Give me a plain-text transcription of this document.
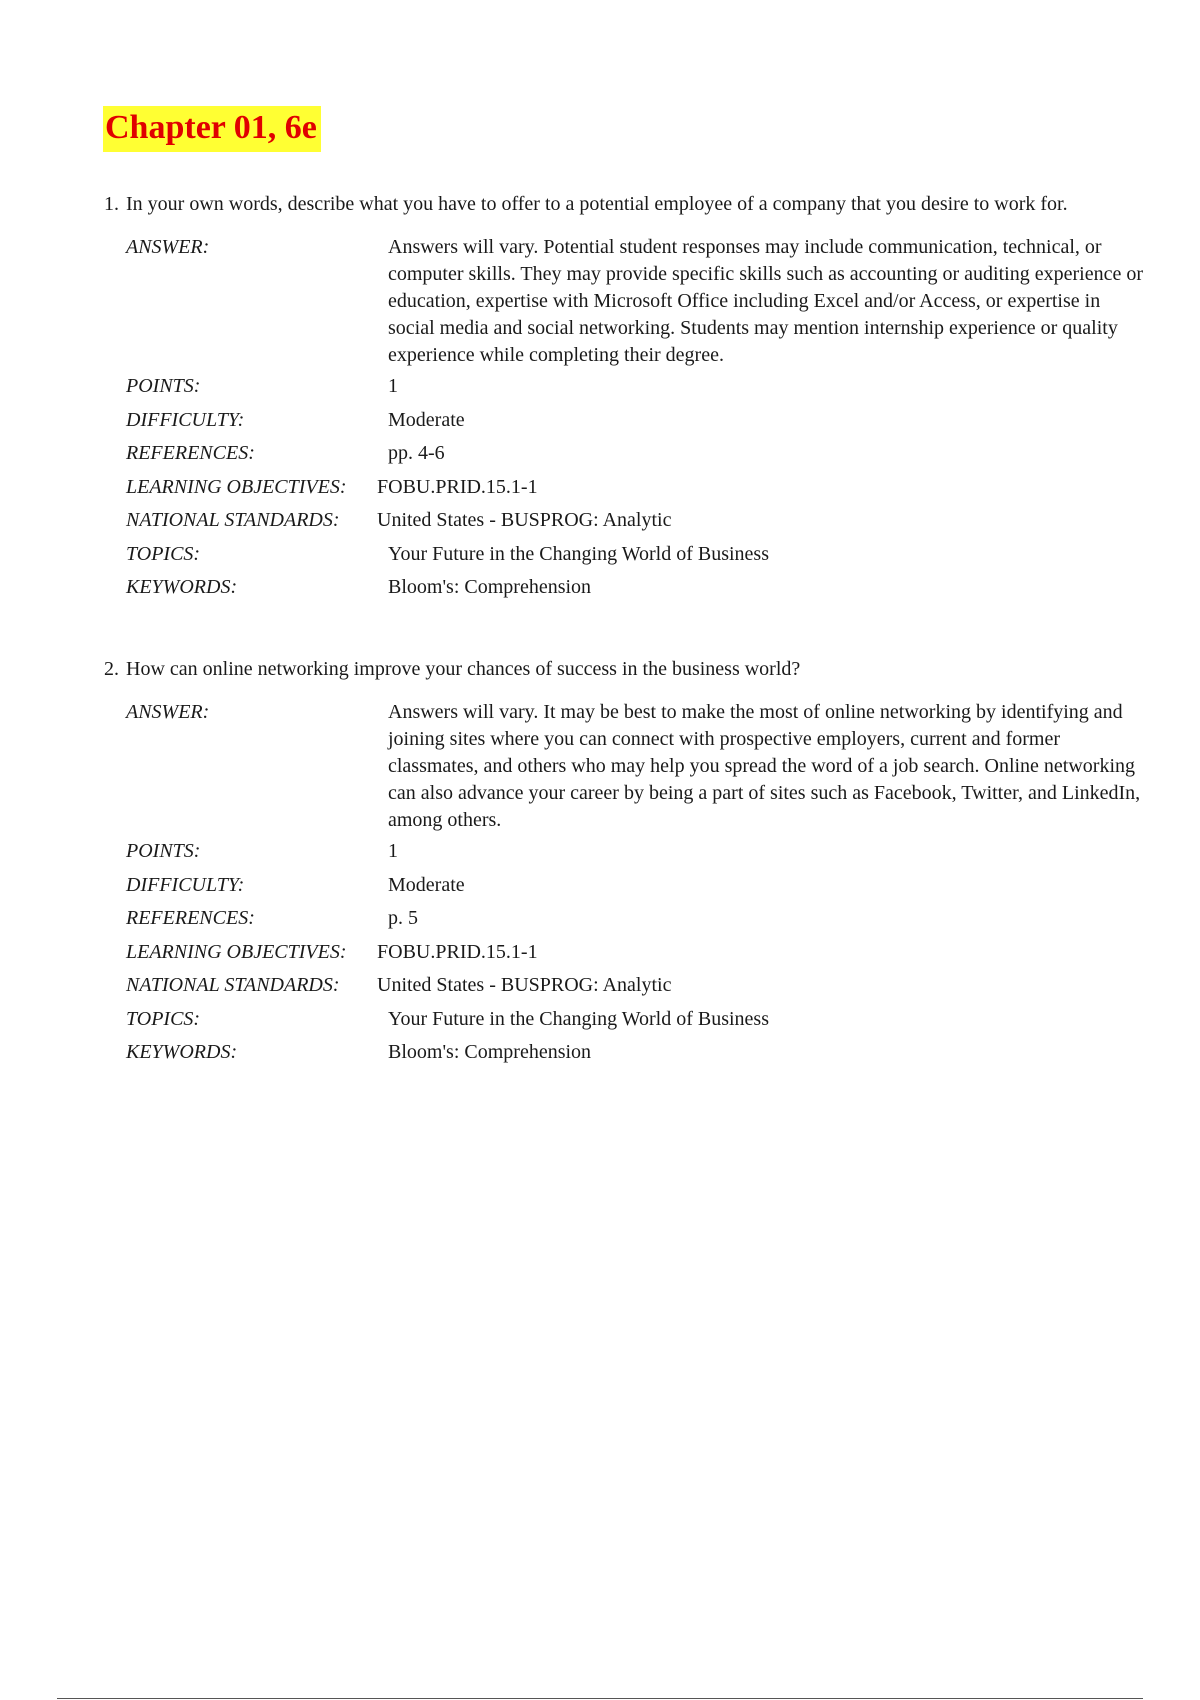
Chapter 01, 6e
1. In your own words, describe what you have to offer to a potential employee of a company that you desire to work for.
ANSWER:	Answers will vary. Potential student responses may include communication, technical, or computer skills. They may provide specific skills such as accounting or auditing experience or education, expertise with Microsoft Office including Excel and/or Access, or expertise in social media and social networking. Students may mention internship experience or quality experience while completing their degree.
POINTS:	1
DIFFICULTY:	Moderate
REFERENCES:	pp. 4-6
LEARNING OBJECTIVES:	FOBU.PRID.15.1-1
NATIONAL STANDARDS:	United States - BUSPROG: Analytic
TOPICS:	Your Future in the Changing World of Business
KEYWORDS:	Bloom's: Comprehension
2. How can online networking improve your chances of success in the business world?
ANSWER:	Answers will vary. It may be best to make the most of online networking by identifying and joining sites where you can connect with prospective employers, current and former classmates, and others who may help you spread the word of a job search. Online networking can also advance your career by being a part of sites such as Facebook, Twitter, and LinkedIn, among others.
POINTS:	1
DIFFICULTY:	Moderate
REFERENCES:	p. 5
LEARNING OBJECTIVES:	FOBU.PRID.15.1-1
NATIONAL STANDARDS:	United States - BUSPROG: Analytic
TOPICS:	Your Future in the Changing World of Business
KEYWORDS:	Bloom's: Comprehension
